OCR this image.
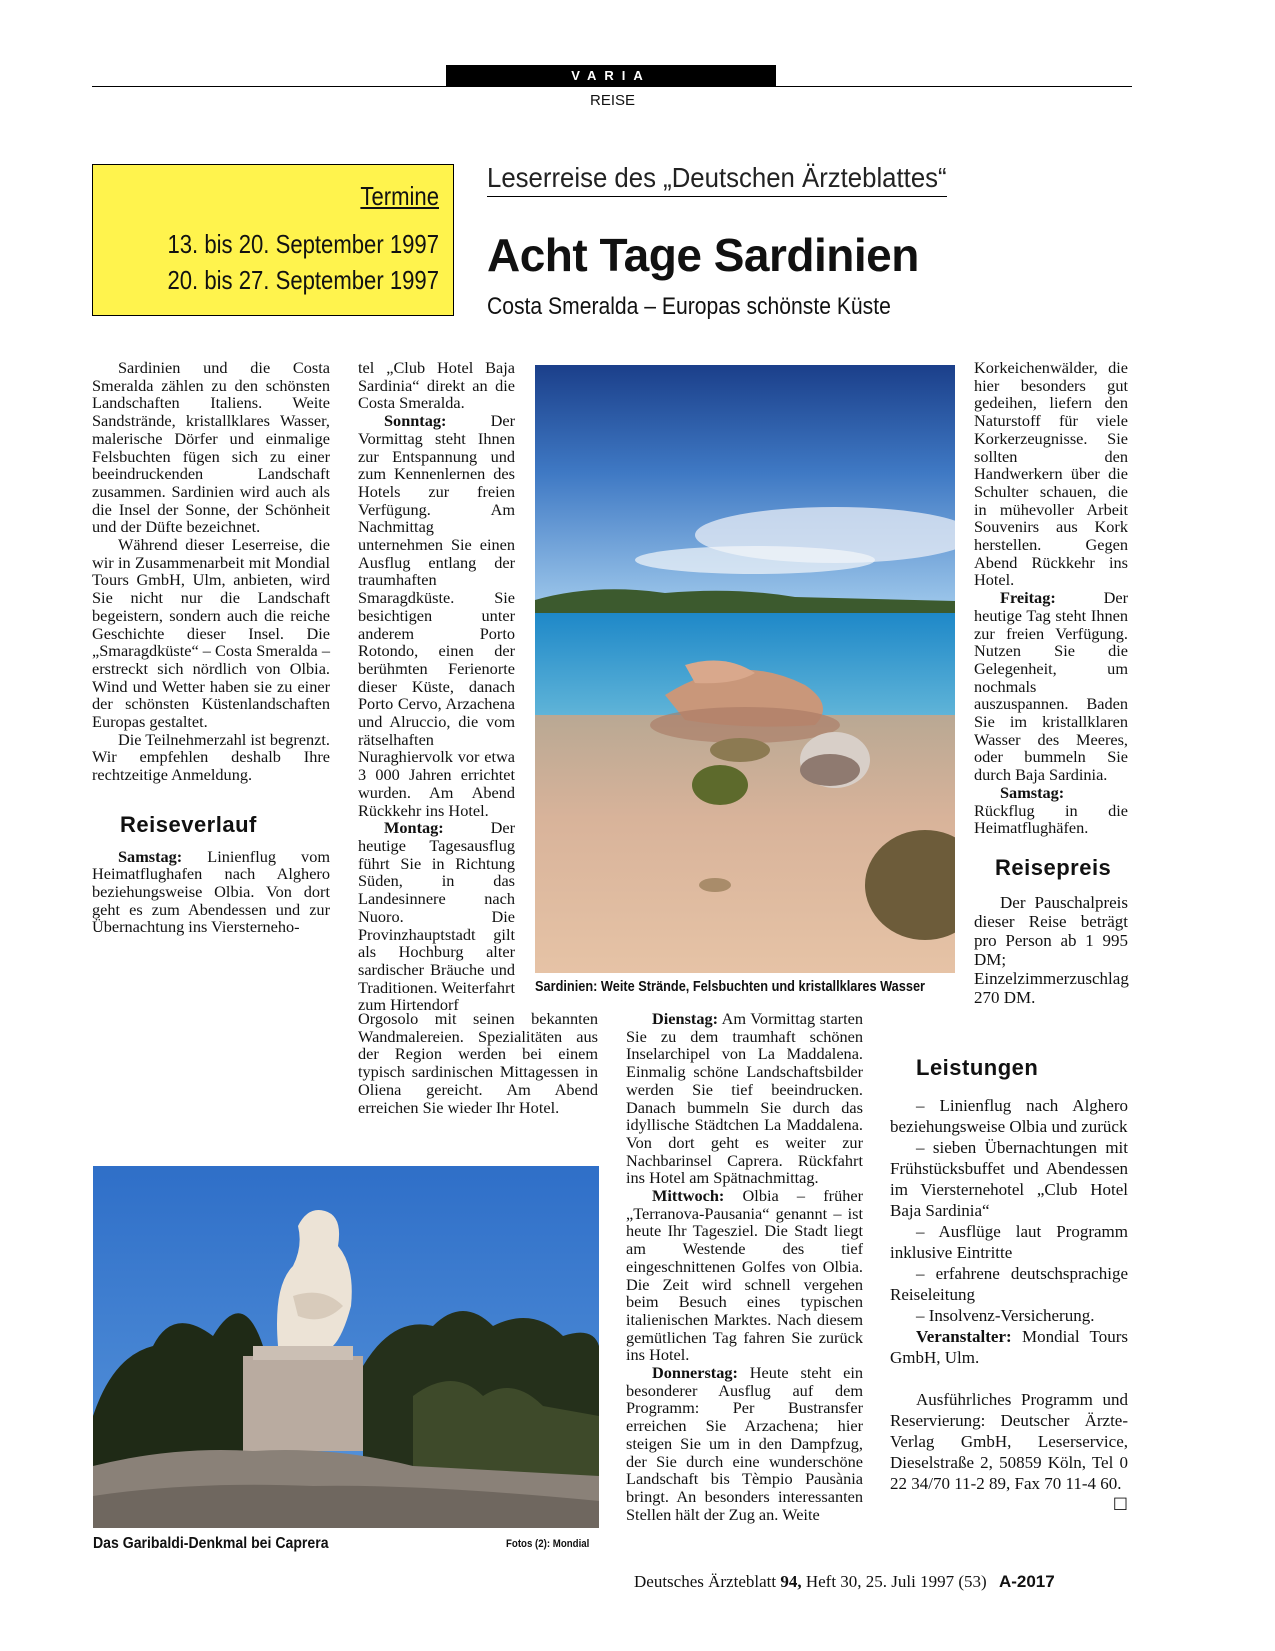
VARIA
REISE
Termine
13. bis 20. September 1997
20. bis 27. September 1997
Leserreise des „Deutschen Ärzteblattes“
Acht Tage Sardinien
Costa Smeralda – Europas schönste Küste

Sardinien und die Costa Smeralda zählen zu den schönsten Landschaften Italiens. Weite Sandstrände, kristallklares Wasser, malerische Dörfer und einmalige Felsbuchten fügen sich zu einer beeindruckenden Landschaft zusammen. Sardinien wird auch als die Insel der Sonne, der Schönheit und der Düfte bezeichnet.

Während dieser Leserreise, die wir in Zusammenarbeit mit Mondial Tours GmbH, Ulm, anbieten, wird Sie nicht nur die Landschaft begeistern, sondern auch die reiche Geschichte dieser Insel. Die „Smaragdküste“ – Costa Smeralda – erstreckt sich nördlich von Olbia. Wind und Wetter haben sie zu einer der schönsten Küstenlandschaften Europas gestaltet.

Die Teilnehmerzahl ist begrenzt. Wir empfehlen deshalb Ihre rechtzeitige Anmeldung.

Reiseverlauf

Samstag: Linienflug vom Heimatflughafen nach Alghero beziehungsweise Olbia. Von dort geht es zum Abendessen und zur Übernachtung ins Viersterneho-

tel „Club Hotel Baja Sardinia“ direkt an die Costa Smeralda.

Sonntag: Der Vormittag steht Ihnen zur Entspannung und zum Kennenlernen des Hotels zur freien Verfügung. Am Nachmittag unternehmen Sie einen Ausflug entlang der traumhaften Smaragdküste. Sie besichtigen unter anderem Porto Rotondo, einen der berühmten Ferienorte dieser Küste, danach Porto Cervo, Arzachena und Alruccio, die vom rätselhaften Nuraghiervolk vor etwa 3 000 Jahren errichtet wurden. Am Abend Rückkehr ins Hotel.

Montag: Der heutige Tagesausflug führt Sie in Richtung Süden, in das Landesinnere nach Nuoro. Die Provinzhauptstadt gilt als Hochburg alter sardischer Bräuche und Traditionen. Weiterfahrt zum Hirtendorf

Orgosolo mit seinen bekannten Wandmalereien. Spezialitäten aus der Region werden bei einem typisch sardinischen Mittagessen in Oliena gereicht. Am Abend erreichen Sie wieder Ihr Hotel.

Sardinien: Weite Strände, Felsbuchten und kristallklares Wasser

Dienstag: Am Vormittag starten Sie zu dem traumhaft schönen Inselarchipel von La Maddalena. Einmalig schöne Landschaftsbilder werden Sie tief beeindrucken. Danach bummeln Sie durch das idyllische Städtchen La Maddalena. Von dort geht es weiter zur Nachbarinsel Caprera. Rückfahrt ins Hotel am Spätnachmittag.

Mittwoch: Olbia – früher „Terranova-Pausania“ genannt – ist heute Ihr Tagesziel. Die Stadt liegt am Westende des tief eingeschnittenen Golfes von Olbia. Die Zeit wird schnell vergehen beim Besuch eines typischen italienischen Marktes. Nach diesem gemütlichen Tag fahren Sie zurück ins Hotel.

Donnerstag: Heute steht ein besonderer Ausflug auf dem Programm: Per Bustransfer erreichen Sie Arzachena; hier steigen Sie um in den Dampfzug, der Sie durch eine wunderschöne Landschaft bis Tèmpio Pausània bringt. An besonders interessanten Stellen hält der Zug an. Weite

Korkeichenwälder, die hier besonders gut gedeihen, liefern den Naturstoff für viele Korkerzeugnisse. Sie sollten den Handwerkern über die Schulter schauen, die in mühevoller Arbeit Souvenirs aus Kork herstellen. Gegen Abend Rückkehr ins Hotel.

Freitag: Der heutige Tag steht Ihnen zur freien Verfügung. Nutzen Sie die Gelegenheit, um nochmals auszuspannen. Baden Sie im kristallklaren Wasser des Meeres, oder bummeln Sie durch Baja Sardinia.

Samstag: Rückflug in die Heimatflughäfen.

Reisepreis

Der Pauschalpreis dieser Reise beträgt pro Person ab 1 995 DM; Einzelzimmerzuschlag 270 DM.

Leistungen

– Linienflug nach Alghero beziehungsweise Olbia und zurück

– sieben Übernachtungen mit Frühstücksbuffet und Abendessen im Viersternehotel „Club Hotel Baja Sardinia“

– Ausflüge laut Programm inklusive Eintritte

– erfahrene deutschsprachige Reiseleitung

– Insolvenz-Versicherung.

Veranstalter: Mondial Tours GmbH, Ulm.

Ausführliches Programm und Reservierung: Deutscher Ärzte-Verlag GmbH, Leserservice, Dieselstraße 2, 50859 Köln, Tel 0 22 34/70 11-2 89, Fax 70 11-4 60.
☐

Das Garibaldi-Denkmal bei Caprera	Fotos (2): Mondial
Deutsches Ärzteblatt 94, Heft 30, 25. Juli 1997 (53) A-2017
